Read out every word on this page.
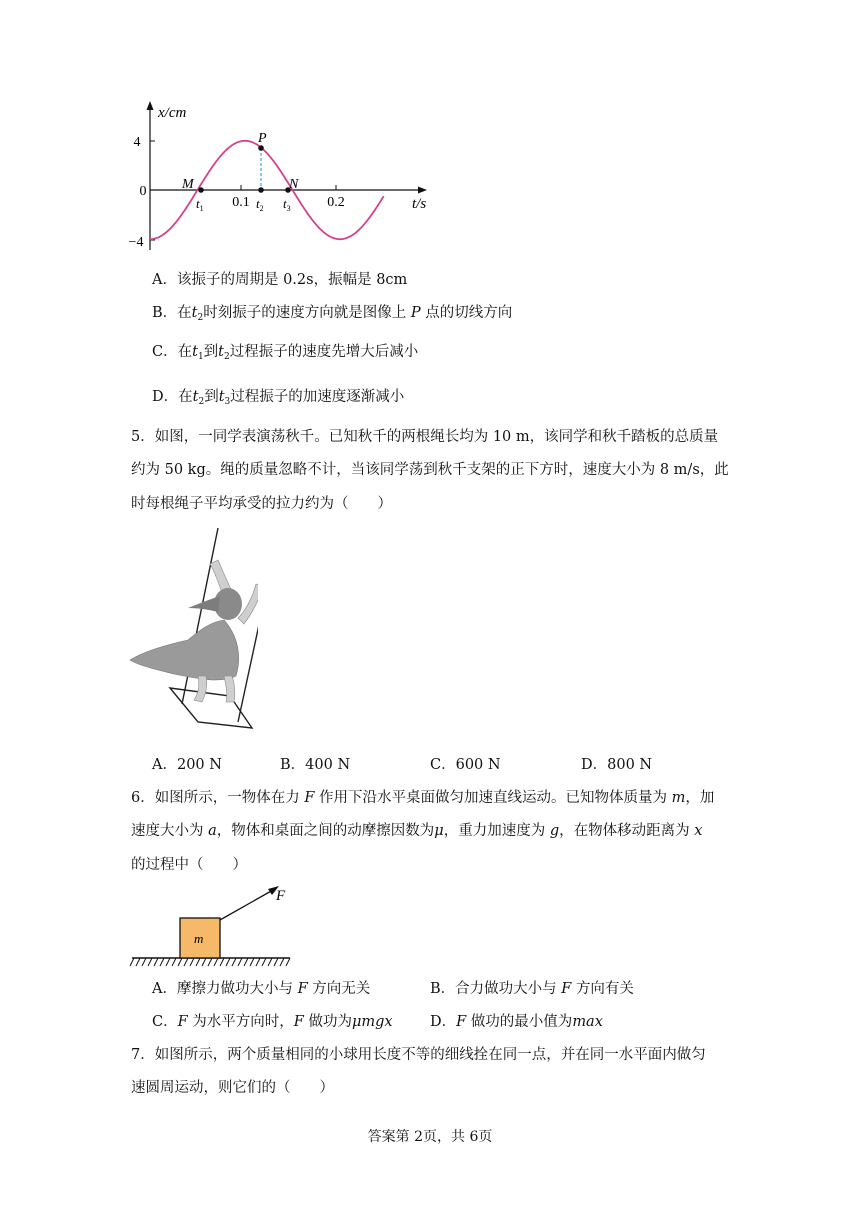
x/cm
4
0
−4
0.1	0.2	t/s
M
P
N
$t_1$	$t_2$ $t_3$
A．该振子的周期是 0.2s，振幅是 8cm
B．在$t_2$时刻振子的速度方向就是图像上 P 点的切线方向
C．在$t_1$到$t_2$过程振子的速度先增大后减小
D．在$t_2$到$t_3$过程振子的加速度逐渐减小
5．如图，一同学表演荡秋千。已知秋千的两根绳长均为 10 m，该同学和秋千踏板的总质量
约为 50 kg。绳的质量忽略不计，当该同学荡到秋千支架的正下方时，速度大小为 8 m/s，此
时每根绳子平均承受的拉力约为（　　）
A．200 N	B．400 N	C．600 N	D．800 N
6．如图所示，一物体在力 F 作用下沿水平桌面做匀加速直线运动。已知物体质量为 m，加
速度大小为 a，物体和桌面之间的动摩擦因数为μ，重力加速度为 g，在物体移动距离为 x
的过程中（　　）
F
m
A．摩擦力做功大小与 F 方向无关	B．合力做功大小与 F 方向有关
C．F 为水平方向时，F 做功为μmgx	D．F 做功的最小值为max
7．如图所示，两个质量相同的小球用长度不等的细线拴在同一点，并在同一水平面内做匀
速圆周运动，则它们的（　　）
答案第 2页，共 6页
